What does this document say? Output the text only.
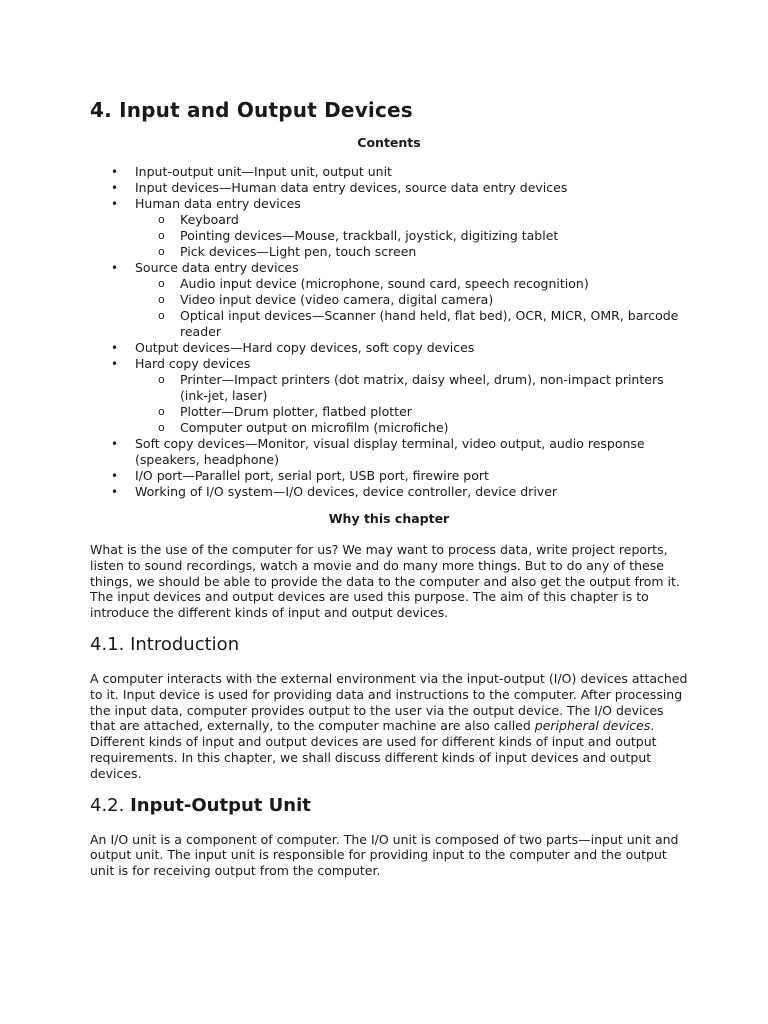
4. Input and Output Devices
Contents
• Input-output unit—Input unit, output unit
• Input devices—Human data entry devices, source data entry devices
• Human data entry devices
o Keyboard
o Pointing devices—Mouse, trackball, joystick, digitizing tablet
o Pick devices—Light pen, touch screen
• Source data entry devices
o Audio input device (microphone, sound card, speech recognition)
o Video input device (video camera, digital camera)
o Optical input devices—Scanner (hand held, flat bed), OCR, MICR, OMR, barcode reader
• Output devices—Hard copy devices, soft copy devices
• Hard copy devices
o Printer—Impact printers (dot matrix, daisy wheel, drum), non-impact printers (ink-jet, laser)
o Plotter—Drum plotter, flatbed plotter
o Computer output on microfilm (microfiche)
• Soft copy devices—Monitor, visual display terminal, video output, audio response (speakers, headphone)
• I/O port—Parallel port, serial port, USB port, firewire port
• Working of I/O system—I/O devices, device controller, device driver
Why this chapter

What is the use of the computer for us? We may want to process data, write project reports, listen to sound recordings, watch a movie and do many more things. But to do any of these things, we should be able to provide the data to the computer and also get the output from it. The input devices and output devices are used this purpose. The aim of this chapter is to introduce the different kinds of input and output devices.

4.1. Introduction

A computer interacts with the external environment via the input-output (I/O) devices attached to it. Input device is used for providing data and instructions to the computer. After processing the input data, computer provides output to the user via the output device. The I/O devices that are attached, externally, to the computer machine are also called peripheral devices. Different kinds of input and output devices are used for different kinds of input and output requirements. In this chapter, we shall discuss different kinds of input devices and output devices.

4.2. Input-Output Unit

An I/O unit is a component of computer. The I/O unit is composed of two parts—input unit and output unit. The input unit is responsible for providing input to the computer and the output unit is for receiving output from the computer.
